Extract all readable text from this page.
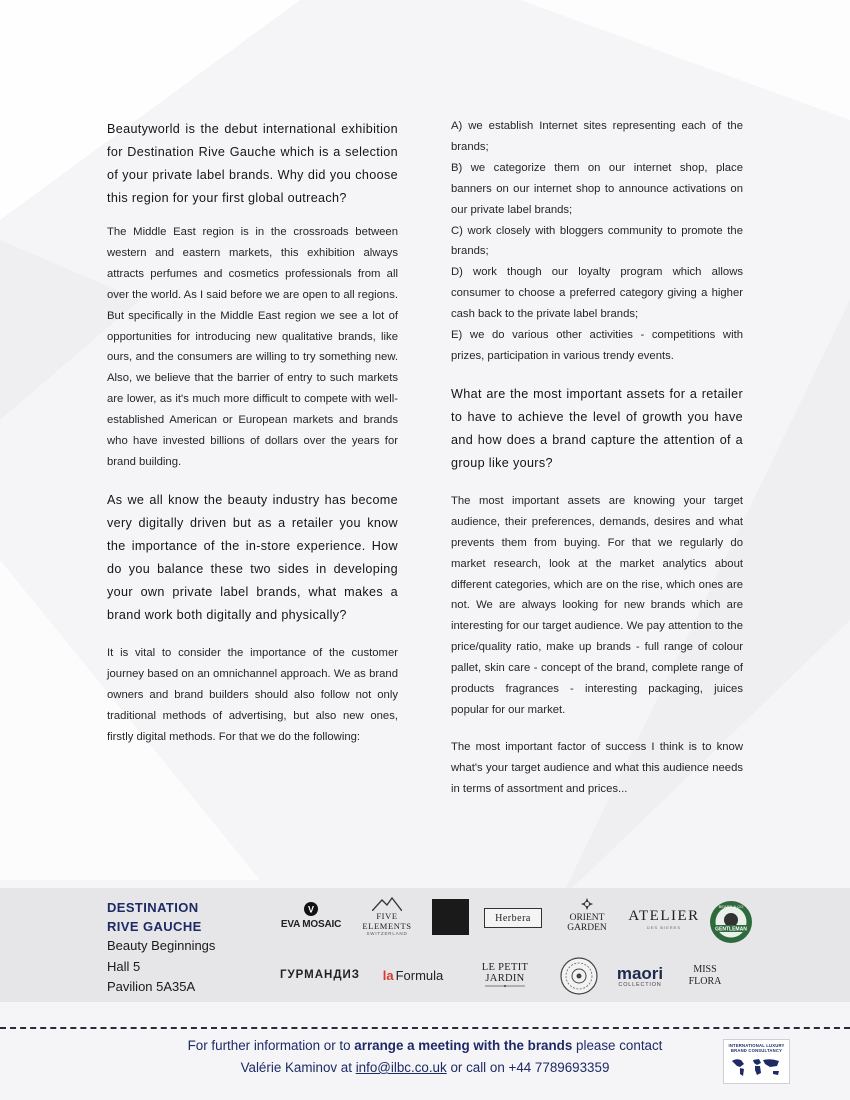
Beautyworld is the debut international exhibition for Destination Rive Gauche which is a selection of your private label brands. Why did you choose this region for your first global outreach?

The Middle East region is in the crossroads between western and eastern markets, this exhibition always attracts perfumes and cosmetics professionals from all over the world. As I said before we are open to all regions. But specifically in the Middle East region we see a lot of opportunities for introducing new qualitative brands, like ours, and the consumers are willing to try something new. Also, we believe that the barrier of entry to such markets are lower, as it's much more difficult to compete with well-established American or European markets and brands who have invested billions of dollars over the years for brand building.

As we all know the beauty industry has become very digitally driven but as a retailer you know the importance of the in-store experience. How do you balance these two sides in developing your own private label brands, what makes a brand work both digitally and physically?

It is vital to consider the importance of the customer journey based on an omnichannel approach. We as brand owners and brand builders should also follow not only traditional methods of advertising, but also new ones, firstly digital methods. For that we do the following:

A) we establish Internet sites representing each of the brands;

B) we categorize them on our internet shop, place banners on our internet shop to announce activations on our private label brands;

C) work closely with bloggers community to promote the brands;

D) work though our loyalty program which allows consumer to choose a preferred category giving a higher cash back to the private label brands;

E) we do various other activities - competitions with prizes, participation in various trendy events.

What are the most important assets for a retailer to have to achieve the level of growth you have and how does a brand capture the attention of a group like yours?

The most important assets are knowing your target audience, their preferences, demands, desires and what prevents them from buying. For that we regularly do market research, look at the market analytics about different categories, which are on the rise, which ones are not. We are always looking for new brands which are interesting for our target audience. We pay attention to the price/quality ratio, make up brands - full range of colour pallet, skin care - concept of the brand, complete range of products fragrances - interesting packaging, juices popular for our market.

The most important factor of success I think is to know what's your target audience and what this audience needs in terms of assortment and prices...

DESTINATION
RIVE GAUCHE
Beauty Beginnings
Hall 5
Pavilion 5A35A
V
EVA MOSAIC
FIVE ELEMENTS
SWITZERLAND
Herbera	ORIENT GARDEN
ATELIER
DES BIERES	GENTLEMAN
BEARD & CO
ГУРМАНДИЗ la Formula	LE PETIT JARDIN	maori
COLLECTION
MISS
FLORA
For further information or to arrange a meeting with the brands please contact
Valérie Kaminov at info@ilbc.co.uk or call on +44 7789693359
INTERNATIONAL LUXURY
BRAND CONSULTANCY
